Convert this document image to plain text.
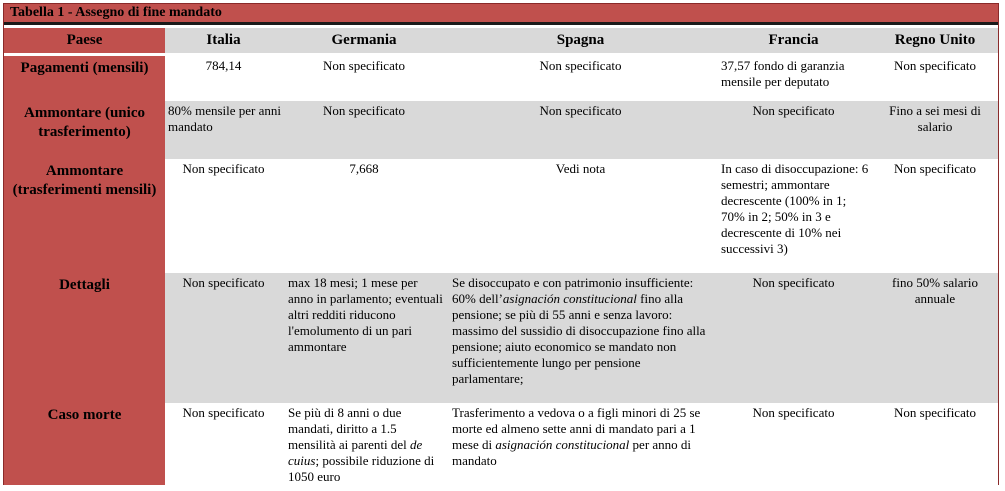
Tabella 1 - Assegno di fine mandato
Paese	Italia	Germania	Spagna	Francia	Regno Unito
Pagamenti (mensili)	784,14	Non specificato	Non specificato	37,57 fondo di garanzia mensile per deputato	Non specificato
Ammontare (unico trasferimento)	80% mensile per anni mandato	Non specificato	Non specificato	Non specificato	Fino a sei mesi di salario
Ammontare (trasferimenti mensili)	Non specificato	7,668	Vedi nota	In caso di disoccupazione: 6 semestri; ammontare decrescente (100% in 1; 70% in 2; 50% in 3 e decrescente di 10% nei successivi 3)	Non specificato
Dettagli	Non specificato	max 18 mesi; 1 mese per anno in parlamento; eventuali altri redditi riducono l'emolumento di un pari ammontare	Se disoccupato e con patrimonio insufficiente: 60% dell’asignación constitucional fino alla pensione; se più di 55 anni e senza lavoro: massimo del sussidio di disoccupazione fino alla pensione; aiuto economico se mandato non sufficientemente lungo per pensione parlamentare;	Non specificato	fino 50% salario annuale
Caso morte	Non specificato	Se più di 8 anni o due mandati, diritto a 1.5 mensilità ai parenti del de cuius; possibile riduzione di 1050 euro	Trasferimento a vedova o a figli minori di 25 se morte ed almeno sette anni di mandato pari a 1 mese di asignación constitucional per anno di mandato	Non specificato	Non specificato
